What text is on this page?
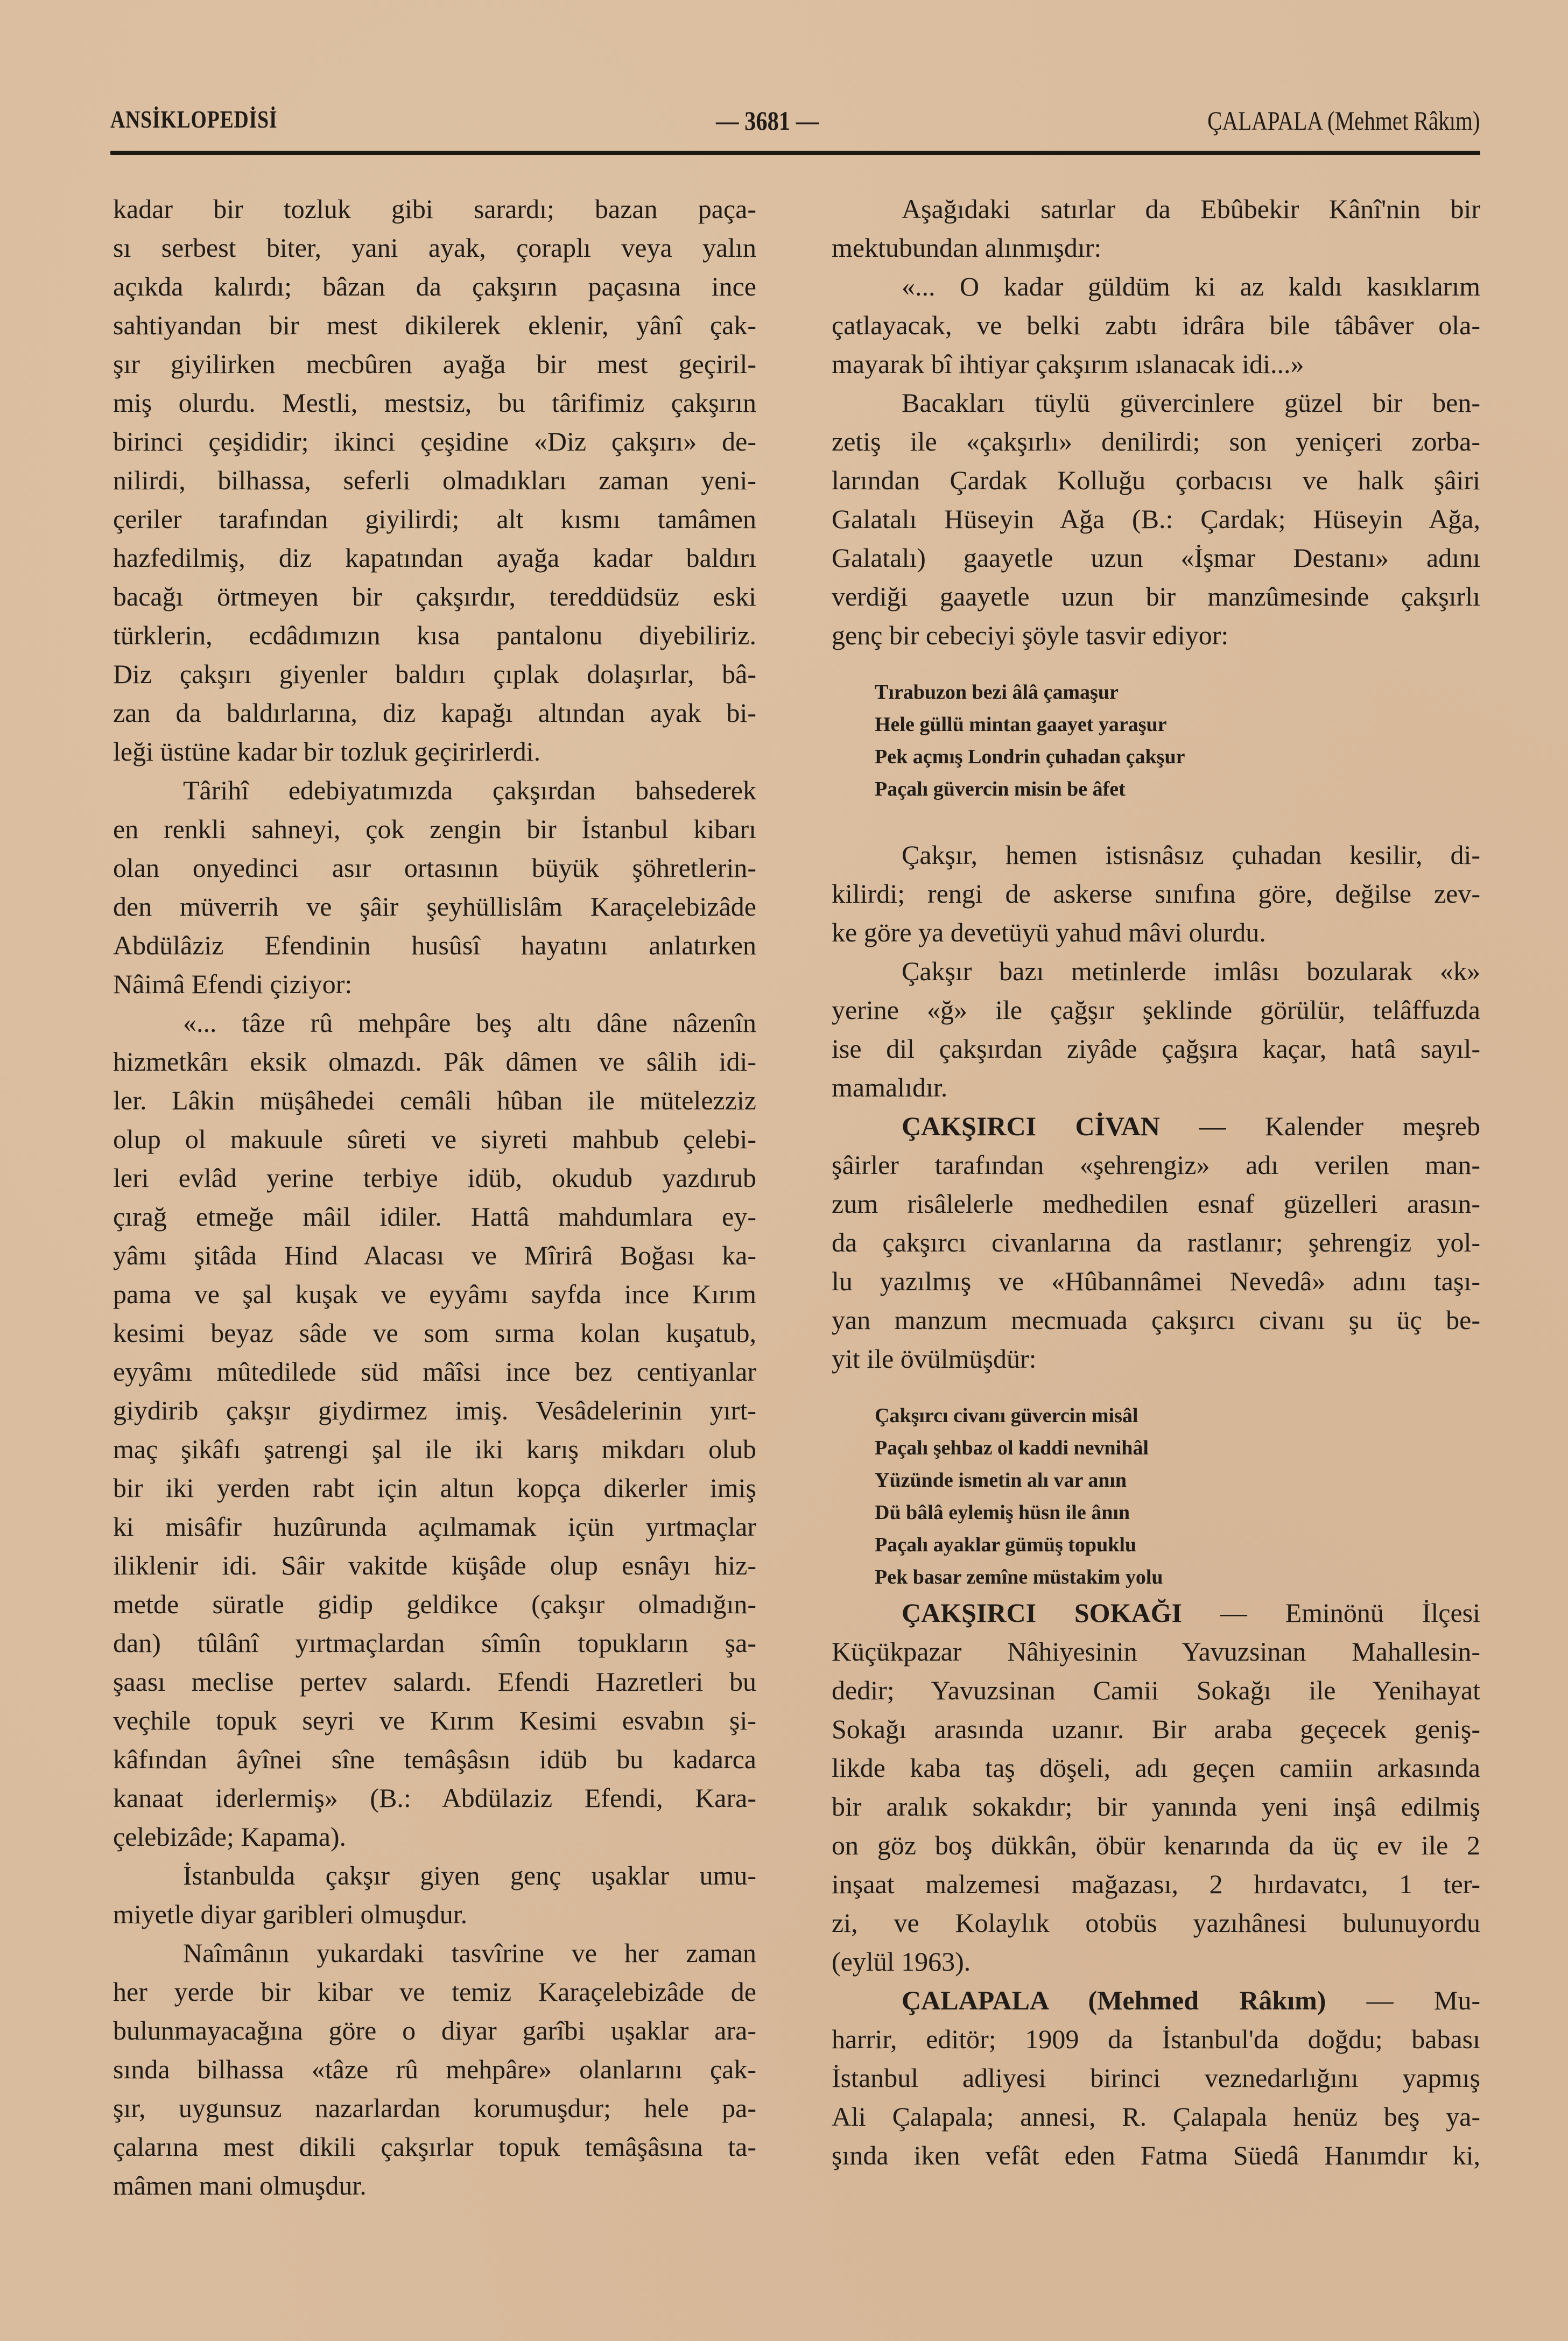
ANSİKLOPEDİSİ	— 3681 —	ÇALAPALA (Mehmet Râkım)
kadar bir tozluk gibi sarardı; bazan paça-
sı serbest biter, yani ayak, çoraplı veya yalın
açıkda kalırdı; bâzan da çakşırın paçasına ince
sahtiyandan bir mest dikilerek eklenir, yânî çak-
şır giyilirken mecbûren ayağa bir mest geçiril-
miş olurdu. Mestli, mestsiz, bu târifimiz çakşırın
birinci çeşididir; ikinci çeşidine «Diz çakşırı» de-
nilirdi, bilhassa, seferli olmadıkları zaman yeni-
çeriler tarafından giyilirdi; alt kısmı tamâmen
hazfedilmiş, diz kapatından ayağa kadar baldırı
bacağı örtmeyen bir çakşırdır, tereddüdsüz eski
türklerin, ecdâdımızın kısa pantalonu diyebiliriz.
Diz çakşırı giyenler baldırı çıplak dolaşırlar, bâ-
zan da baldırlarına, diz kapağı altından ayak bi-
leği üstüne kadar bir tozluk geçirirlerdi.
Târihî edebiyatımızda çakşırdan bahsederek
en renkli sahneyi, çok zengin bir İstanbul kibarı
olan onyedinci asır ortasının büyük şöhretlerin-
den müverrih ve şâir şeyhüllislâm Karaçelebizâde
Abdülâziz Efendinin husûsî hayatını anlatırken
Nâimâ Efendi çiziyor:
«... tâze rû mehpâre beş altı dâne nâzenîn
hizmetkârı eksik olmazdı. Pâk dâmen ve sâlih idi-
ler. Lâkin müşâhedei cemâli hûban ile mütelezziz
olup ol makuule sûreti ve siyreti mahbub çelebi-
leri evlâd yerine terbiye idüb, okudub yazdırub
çırağ etmeğe mâil idiler. Hattâ mahdumlara ey-
yâmı şitâda Hind Alacası ve Mîrirâ Boğası ka-
pama ve şal kuşak ve eyyâmı sayfda ince Kırım
kesimi beyaz sâde ve som sırma kolan kuşatub,
eyyâmı mûtedilede süd mâîsi ince bez centiyanlar
giydirib çakşır giydirmez imiş. Vesâdelerinin yırt-
maç şikâfı şatrengi şal ile iki karış mikdarı olub
bir iki yerden rabt için altun kopça dikerler imiş
ki misâfir huzûrunda açılmamak içün yırtmaçlar
iliklenir idi. Sâir vakitde küşâde olup esnâyı hiz-
metde süratle gidip geldikce (çakşır olmadığın-
dan) tûlânî yırtmaçlardan sîmîn topukların şa-
şaası meclise pertev salardı. Efendi Hazretleri bu
veçhile topuk seyri ve Kırım Kesimi esvabın şi-
kâfından âyînei sîne temâşâsın idüb bu kadarca
kanaat iderlermiş» (B.: Abdülaziz Efendi, Kara-
çelebizâde; Kapama).
İstanbulda çakşır giyen genç uşaklar umu-
miyetle diyar garibleri olmuşdur.
Naîmânın yukardaki tasvîrine ve her zaman
her yerde bir kibar ve temiz Karaçelebizâde de
bulunmayacağına göre o diyar garîbi uşaklar ara-
sında bilhassa «tâze rû mehpâre» olanlarını çak-
şır, uygunsuz nazarlardan korumuşdur; hele pa-
çalarına mest dikili çakşırlar topuk temâşâsına ta-
mâmen mani olmuşdur.
Aşağıdaki satırlar da Ebûbekir Kânî'nin bir
mektubundan alınmışdır:
«... O kadar güldüm ki az kaldı kasıklarım
çatlayacak, ve belki zabtı idrâra bile tâbâver ola-
mayarak bî ihtiyar çakşırım ıslanacak idi...»
Bacakları tüylü güvercinlere güzel bir ben-
zetiş ile «çakşırlı» denilirdi; son yeniçeri zorba-
larından Çardak Kolluğu çorbacısı ve halk şâiri
Galatalı Hüseyin Ağa (B.: Çardak; Hüseyin Ağa,
Galatalı) gaayetle uzun «İşmar Destanı» adını
verdiği gaayetle uzun bir manzûmesinde çakşırlı
genç bir cebeciyi şöyle tasvir ediyor:
Tırabuzon bezi âlâ çamaşur
Hele güllü mintan gaayet yaraşur
Pek açmış Londrin çuhadan çakşur
Paçalı güvercin misin be âfet
Çakşır, hemen istisnâsız çuhadan kesilir, di-
kilirdi; rengi de askerse sınıfına göre, değilse zev-
ke göre ya devetüyü yahud mâvi olurdu.
Çakşır bazı metinlerde imlâsı bozularak «k»
yerine «ğ» ile çağşır şeklinde görülür, telâffuzda
ise dil çakşırdan ziyâde çağşıra kaçar, hatâ sayıl-
mamalıdır.
ÇAKŞIRCI CİVAN — Kalender meşreb
şâirler tarafından «şehrengiz» adı verilen man-
zum risâlelerle medhedilen esnaf güzelleri arasın-
da çakşırcı civanlarına da rastlanır; şehrengiz yol-
lu yazılmış ve «Hûbannâmei Nevedâ» adını taşı-
yan manzum mecmuada çakşırcı civanı şu üç be-
yit ile övülmüşdür:
Çakşırcı civanı güvercin misâl
Paçalı şehbaz ol kaddi nevnihâl
Yüzünde ismetin alı var anın
Dü bâlâ eylemiş hüsn ile ânın
Paçalı ayaklar gümüş topuklu
Pek basar zemîne müstakim yolu
ÇAKŞIRCI SOKAĞI — Eminönü İlçesi
Küçükpazar Nâhiyesinin Yavuzsinan Mahallesin-
dedir; Yavuzsinan Camii Sokağı ile Yenihayat
Sokağı arasında uzanır. Bir araba geçecek geniş-
likde kaba taş döşeli, adı geçen camiin arkasında
bir aralık sokakdır; bir yanında yeni inşâ edilmiş
on göz boş dükkân, öbür kenarında da üç ev ile 2
inşaat malzemesi mağazası, 2 hırdavatcı, 1 ter-
zi, ve Kolaylık otobüs yazıhânesi bulunuyordu
(eylül 1963).
ÇALAPALA (Mehmed Râkım) — Mu-
harrir, editör; 1909 da İstanbul'da doğdu; babası
İstanbul adliyesi birinci veznedarlığını yapmış
Ali Çalapala; annesi, R. Çalapala henüz beş ya-
şında iken vefât eden Fatma Süedâ Hanımdır ki,
